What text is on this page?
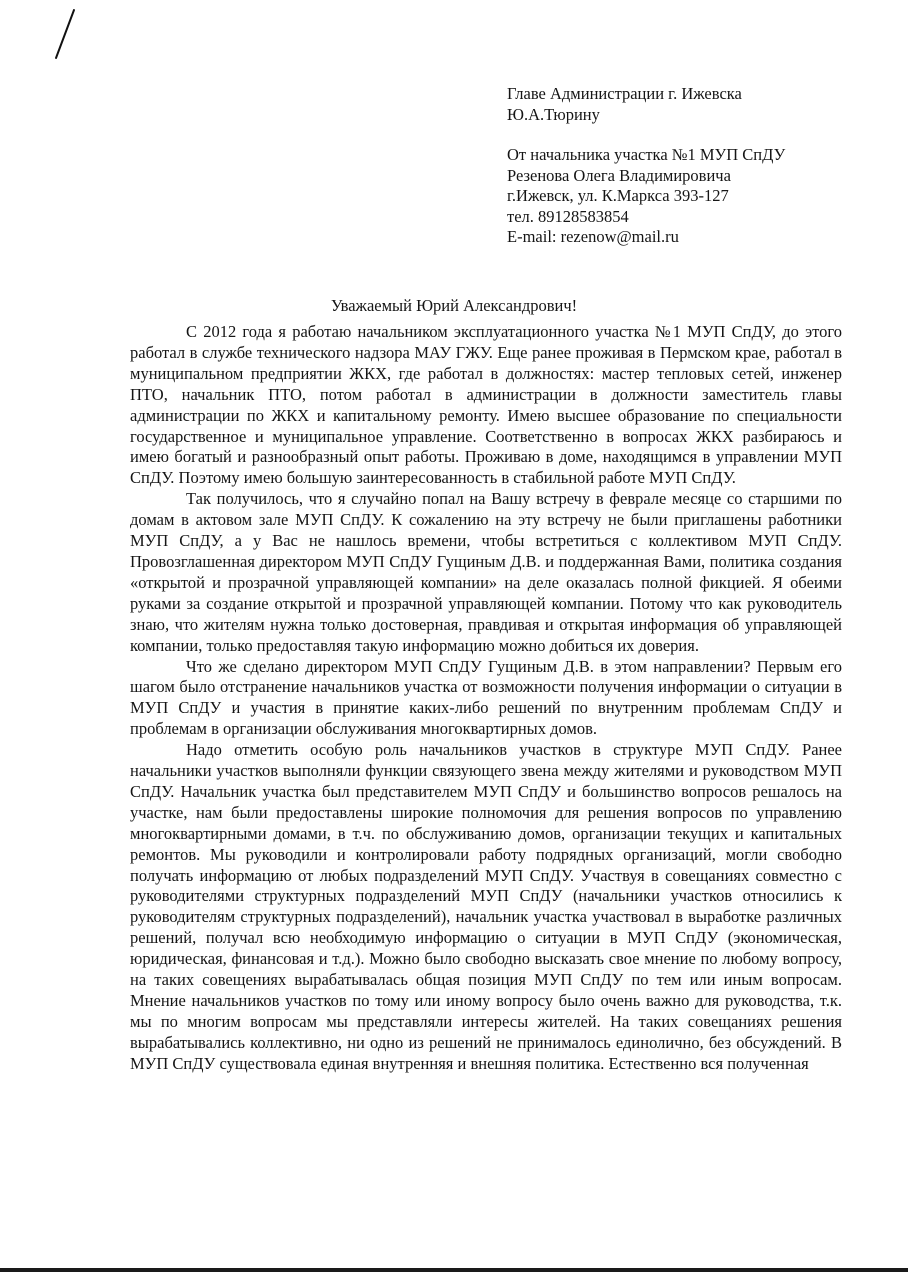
Главе Администрации г. Ижевска
Ю.А.Тюрину
От начальника участка №1 МУП СпДУ
Резенова Олега Владимировича
г.Ижевск, ул. К.Маркса 393-127
тел. 89128583854
E-mail: rezenow@mail.ru
Уважаемый Юрий Александрович!

С 2012 года я работаю начальником эксплуатационного участка №1 МУП СпДУ, до этого работал в службе технического надзора МАУ ГЖУ. Еще ранее проживая в Пермском крае, работал в муниципальном предприятии ЖКХ, где работал в должностях: мастер тепловых сетей, инженер ПТО, начальник ПТО, потом работал в администрации в должности заместитель главы администрации по ЖКХ и капитальному ремонту. Имею высшее образование по специальности государственное и муниципальное управление. Соответственно в вопросах ЖКХ разбираюсь и имею богатый и разнообразный опыт работы. Проживаю в доме, находящимся в управлении МУП СпДУ. Поэтому имею большую заинтересованность в стабильной работе МУП СпДУ.

Так получилось, что я случайно попал на Вашу встречу в феврале месяце со старшими по домам в актовом зале МУП СпДУ. К сожалению на эту встречу не были приглашены работники МУП СпДУ, а у Вас не нашлось времени, чтобы встретиться с коллективом МУП СпДУ. Провозглашенная директором МУП СпДУ Гущиным Д.В. и поддержанная Вами, политика создания «открытой и прозрачной управляющей компании» на деле оказалась полной фикцией. Я обеими руками за создание открытой и прозрачной управляющей компании. Потому что как руководитель знаю, что жителям нужна только достоверная, правдивая и открытая информация об управляющей компании, только предоставляя такую информацию можно добиться их доверия.

Что же сделано директором МУП СпДУ Гущиным Д.В. в этом направлении? Первым его шагом было отстранение начальников участка от возможности получения информации о ситуации в МУП СпДУ и участия в принятие каких-либо решений по внутренним проблемам СпДУ и проблемам в организации обслуживания многоквартирных домов.

Надо отметить особую роль начальников участков в структуре МУП СпДУ. Ранее начальники участков выполняли функции связующего звена между жителями и руководством МУП СпДУ. Начальник участка был представителем МУП СпДУ и большинство вопросов решалось на участке, нам были предоставлены широкие полномочия для решения вопросов по управлению многоквартирными домами, в т.ч. по обслуживанию домов, организации текущих и капитальных ремонтов. Мы руководили и контролировали работу подрядных организаций, могли свободно получать информацию от любых подразделений МУП СпДУ. Участвуя в совещаниях совместно с руководителями структурных подразделений МУП СпДУ (начальники участков относились к руководителям структурных подразделений), начальник участка участвовал в выработке различных решений, получал всю необходимую информацию о ситуации в МУП СпДУ (экономическая, юридическая, финансовая и т.д.). Можно было свободно высказать свое мнение по любому вопросу, на таких совещениях вырабатывалась общая позиция МУП СпДУ по тем или иным вопросам. Мнение начальников участков по тому или иному вопросу было очень важно для руководства, т.к. мы по многим вопросам мы представляли интересы жителей. На таких совещаниях решения вырабатывались коллективно, ни одно из решений не принималось единолично, без обсуждений. В МУП СпДУ существовала единая внутренняя и внешняя политика. Естественно вся полученная
